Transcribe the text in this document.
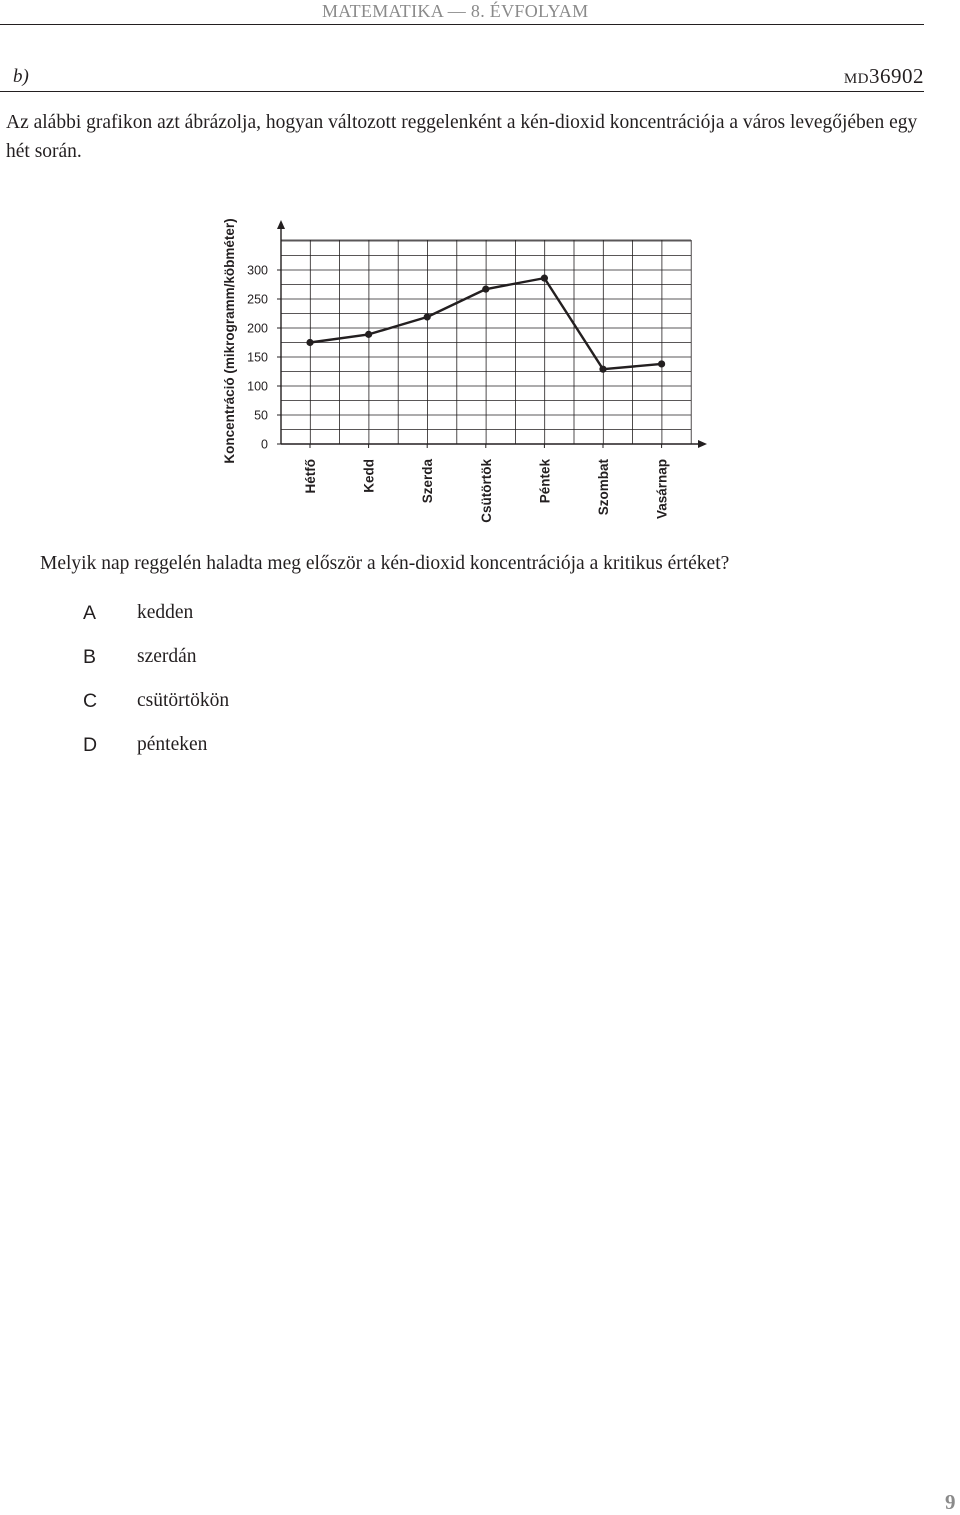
MATEMATIKA — 8. ÉVFOLYAM
b)	md36902
Az alábbi grafikon azt ábrázolja, hogyan változott reggelenként a kén-dioxid koncentrációja a város levegőjében egy hét során.
0
50
100
150
200
250
300
Koncentráció (mikrogramm/köbméter)
Hétfő	Kedd	Szerda	Csütörtök	Péntek	Szombat	Vasárnap
Melyik nap reggelén haladta meg először a kén-dioxid koncentrációja a kritikus értéket?
A kedden
B szerdán
C csütörtökön
D pénteken
9
